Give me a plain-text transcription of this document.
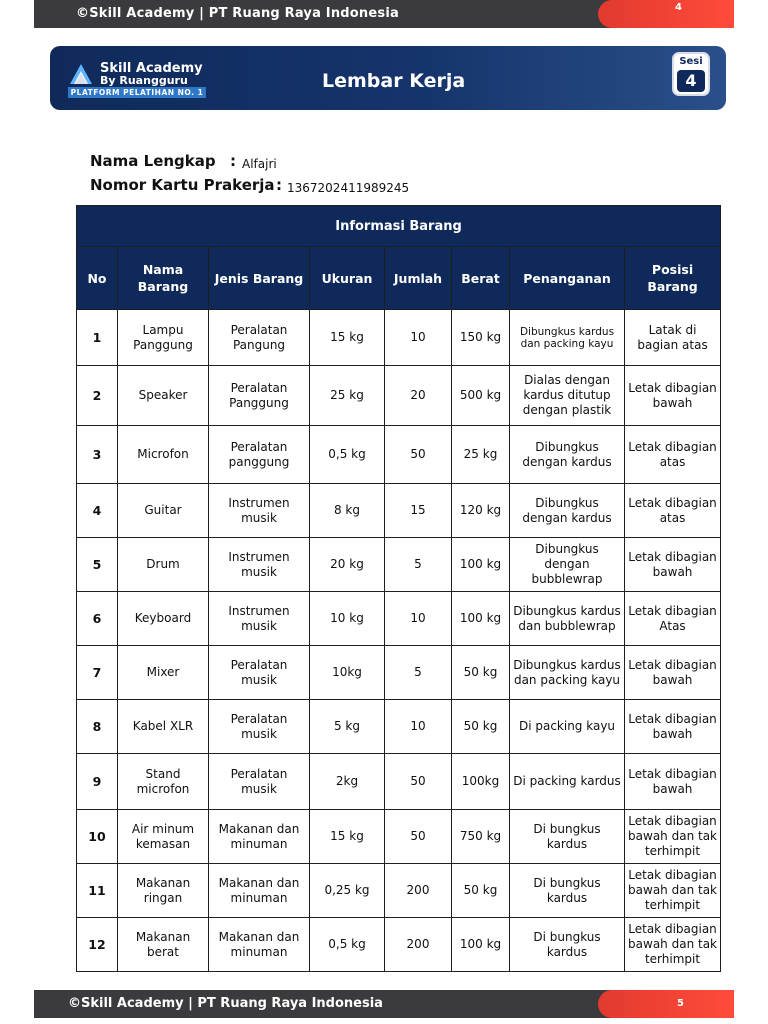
©Skill Academy | PT Ruang Raya Indonesia	4
Skill Academy
By Ruangguru
PLATFORM PELATIHAN NO. 1
Lembar Kerja
Sesi
4
Nama Lengkap : Alfajri
Nomor Kartu Prakerja : 1367202411989245
Informasi Barang							
No	Nama Barang	Jenis Barang	Ukuran	Jumlah	Berat	Penanganan	Posisi Barang
1	Lampu Panggung	Peralatan Pangung	15 kg	10	150 kg	Dibungkus kardus dan packing kayu	Latak di bagian atas
2	Speaker	Peralatan Panggung	25 kg	20	500 kg	Dialas dengan kardus ditutup dengan plastik	Letak dibagian bawah
3	Microfon	Peralatan panggung	0,5 kg	50	25 kg	Dibungkus dengan kardus	Letak dibagian atas
4	Guitar	Instrumen musik	8 kg	15	120 kg	Dibungkus dengan kardus	Letak dibagian atas
5	Drum	Instrumen musik	20 kg	5	100 kg	Dibungkus dengan bubblewrap	Letak dibagian bawah
6	Keyboard	Instrumen musik	10 kg	10	100 kg	Dibungkus kardus dan bubblewrap	Letak dibagian Atas
7	Mixer	Peralatan musik	10kg	5	50 kg	Dibungkus kardus dan packing kayu	Letak dibagian bawah
8	Kabel XLR	Peralatan musik	5 kg	10	50 kg	Di packing kayu	Letak dibagian bawah
9	Stand microfon	Peralatan musik	2kg	50	100kg	Di packing kardus	Letak dibagian bawah
10	Air minum kemasan	Makanan dan minuman	15 kg	50	750 kg	Di bungkus kardus	Letak dibagian bawah dan tak terhimpit
11	Makanan ringan	Makanan dan minuman	0,25 kg	200	50 kg	Di bungkus kardus	Letak dibagian bawah dan tak terhimpit
12	Makanan berat	Makanan dan minuman	0,5 kg	200	100 kg	Di bungkus kardus	Letak dibagian bawah dan tak terhimpit
©Skill Academy | PT Ruang Raya Indonesia	5
